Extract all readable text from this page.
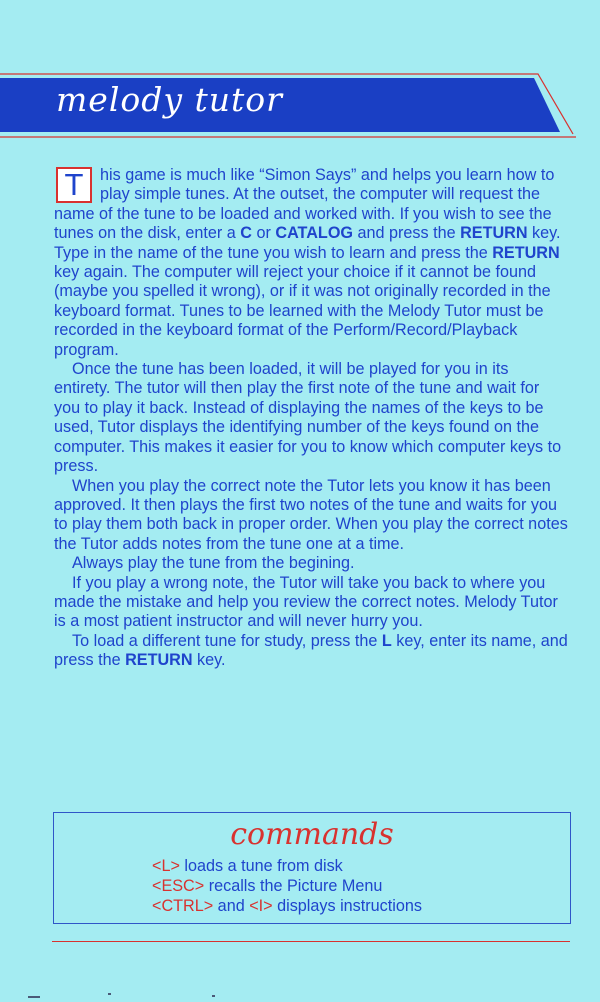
melody tutor

T	his game is much like “Simon Says” and helps you learn how to play simple tunes. At the outset, the computer will request the name of the tune to be loaded and worked with. If you wish to see the tunes on the disk, enter a C or CATALOG and press the RETURN key. Type in the name of the tune you wish to learn and press the RETURN key again. The computer will reject your choice if it cannot be found (maybe you spelled it wrong), or if it was not originally recorded in the keyboard format. Tunes to be learned with the Melody Tutor must be recorded in the keyboard format of the Perform/Record/Playback program.

Once the tune has been loaded, it will be played for you in its entirety. The tutor will then play the first note of the tune and wait for you to play it back. Instead of displaying the names of the keys to be used, Tutor displays the identifying number of the keys found on the computer. This makes it easier for you to know which computer keys to press.

When you play the correct note the Tutor lets you know it has been approved. It then plays the first two notes of the tune and waits for you to play them both back in proper order. When you play the correct notes the Tutor adds notes from the tune one at a time.

Always play the tune from the begining.

If you play a wrong note, the Tutor will take you back to where you made the mistake and help you review the correct notes. Melody Tutor is a most patient instructor and will never hurry you.

To load a different tune for study, press the L key, enter its name, and press the RETURN key.

commands
<L> loads a tune from disk
<ESC> recalls the Picture Menu
<CTRL> and <I> displays instructions
